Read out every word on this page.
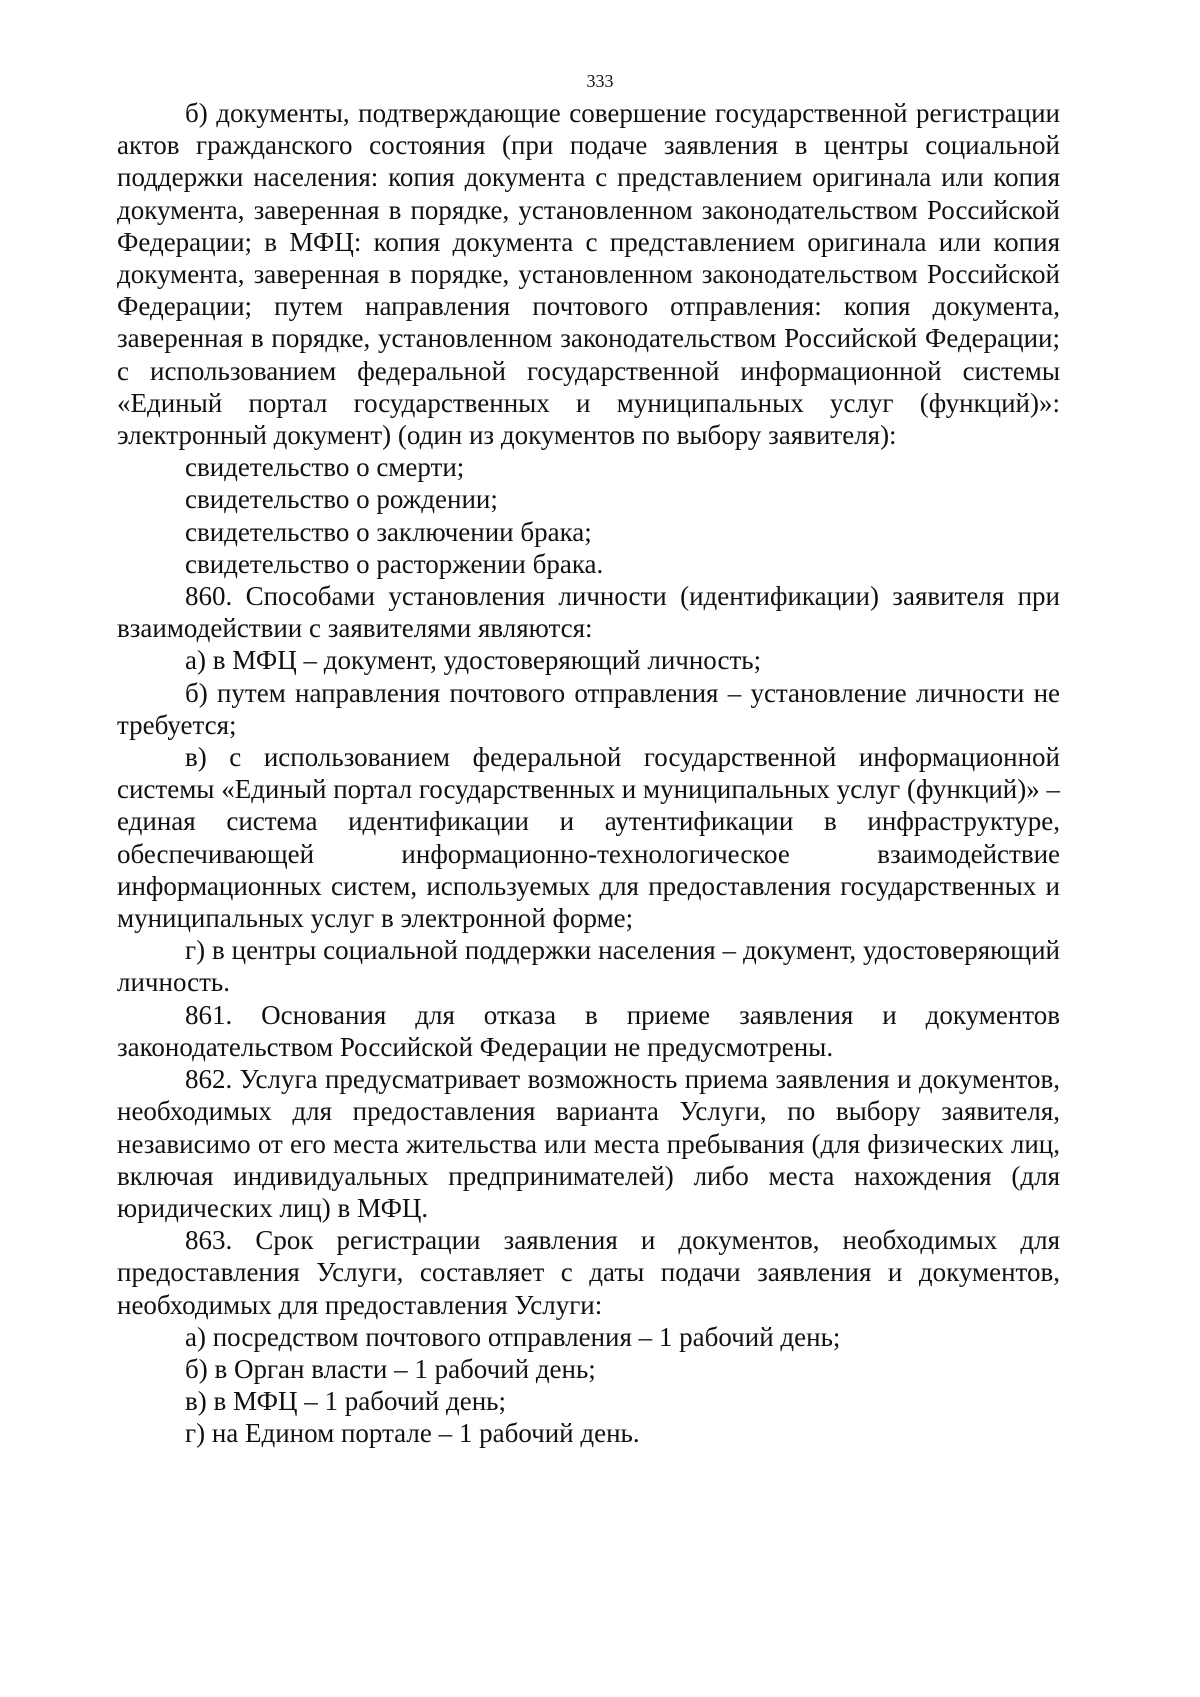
333

б) документы, подтверждающие совершение государственной регистрации актов гражданского состояния (при подаче заявления в центры социальной поддержки населения: копия документа с представлением оригинала или копия документа, заверенная в порядке, установленном законодательством Российской Федерации; в МФЦ: копия документа с представлением оригинала или копия документа, заверенная в порядке, установленном законодательством Российской Федерации; путем направления почтового отправления: копия документа, заверенная в порядке, установленном законодательством Российской Федерации; с использованием федеральной государственной информационной системы «Единый портал государственных и муниципальных услуг (функций)»: электронный документ) (один из документов по выбору заявителя):

свидетельство о смерти;

свидетельство о рождении;

свидетельство о заключении брака;

свидетельство о расторжении брака.

860. Способами установления личности (идентификации) заявителя при взаимодействии с заявителями являются:

а) в МФЦ – документ, удостоверяющий личность;

б) путем направления почтового отправления – установление личности не требуется;

в) с использованием федеральной государственной информационной системы «Единый портал государственных и муниципальных услуг (функций)» – единая система идентификации и аутентификации в инфраструктуре, обеспечивающей информационно-технологическое взаимодействие информационных систем, используемых для предоставления государственных и муниципальных услуг в электронной форме;

г) в центры социальной поддержки населения – документ, удостоверяющий личность.

861. Основания для отказа в приеме заявления и документов законодательством Российской Федерации не предусмотрены.

862. Услуга предусматривает возможность приема заявления и документов, необходимых для предоставления варианта Услуги, по выбору заявителя, независимо от его места жительства или места пребывания (для физических лиц, включая индивидуальных предпринимателей) либо места нахождения (для юридических лиц) в МФЦ.

863. Срок регистрации заявления и документов, необходимых для предоставления Услуги, составляет с даты подачи заявления и документов, необходимых для предоставления Услуги:

а) посредством почтового отправления – 1 рабочий день;

б) в Орган власти – 1 рабочий день;

в) в МФЦ – 1 рабочий день;

г) на Едином портале – 1 рабочий день.
